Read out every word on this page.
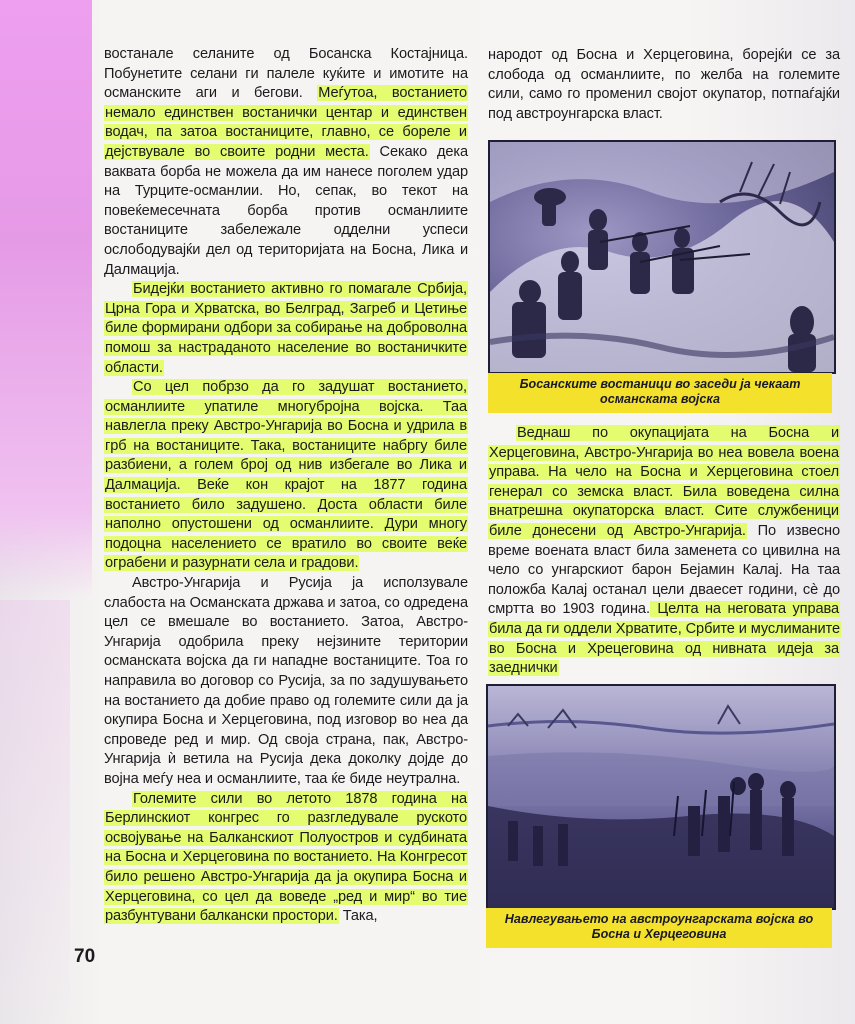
востанале селаните од Босанска Костајница. Побунетите селани ги палеле куќите и имотите на османските аги и бегови. Меѓутоа, востанието немало единствен востанички центар и единствен водач, па затоа востаниците, главно, се бореле и дејствувале во своите родни места. Секако дека ваквата борба не можела да им нанесе поголем удар на Турците-османлии. Но, сепак, во текот на повеќемесечната борба против османлиите востаниците забележале одделни успеси ослободувајќи дел од територијата на Босна, Лика и Далмација.

Бидејќи востанието активно го помагале Србија, Црна Гора и Хрватска, во Белград, Загреб и Цетиње биле формирани одбори за собирање на доброволна помош за настраданото население во востаничките области.

Со цел побрзо да го задушат востанието, османлиите упатиле многубројна војска. Таа навлегла преку Австро-Унгарија во Босна и удрила в грб на востаниците. Така, востаниците набргу биле разбиени, а голем број од нив избегале во Лика и Далмација. Веќе кон крајот на 1877 година востанието било задушено. Доста области биле наполно опустошени од османлиите. Дури многу подоцна населението се вратило во своите веќе ограбени и разурнати села и градови.

Австро-Унгарија и Русија ја исползувале слабоста на Османската држава и затоа, со одредена цел се вмешале во востанието. Затоа, Австро-Унгарија одобрила преку нејзините територии османската војска да ги нападне востаниците. Тоа го направила во договор со Русија, за по задушувањето на востанието да добие право од големите сили да ја окупира Босна и Херцеговина, под изговор во неа да спроведе ред и мир. Од своја страна, пак, Австро-Унгарија ѝ ветила на Русија дека доколку дојде до војна меѓу неа и османлиите, таа ќе биде неутрална.

Големите сили во летото 1878 година на Берлинскиот конгрес го разгледувале руското освојување на Балканскиот Полуостров и судбината на Босна и Херцеговина по востанието. На Конгресот било решено Австро-Унгарија да ја окупира Босна и Херцеговина, со цел да воведе „ред и мир“ во тие разбунтувани балкански простори. Така,

народот од Босна и Херцеговина, борејќи се за слобода од османлиите, по желба на големите сили, само го променил својот окупатор, потпаѓајќи под австроунгарска власт.

Босанските востаници во заседи ја чекаат османската војска

Веднаш по окупацијата на Босна и Херцеговина, Австро-Унгарија во неа вовела воена управа. На чело на Босна и Херцеговина стоел генерал со земска власт. Била воведена силна внатрешна окупаторска власт. Сите службеници биле донесени од Австро-Унгарија. По извесно време воената власт била заменета со цивилна на чело со унгарскиот барон Бејамин Калај. На таа положба Калај останал цели дваесет години, сè до смртта во 1903 година. Целта на неговата управа била да ги оддели Хрватите, Србите и муслиманите во Босна и Хрецеговина од нивната идеја за заеднички

Навлегувањето на австроунгарската војска во Босна и Херцеговина
70
